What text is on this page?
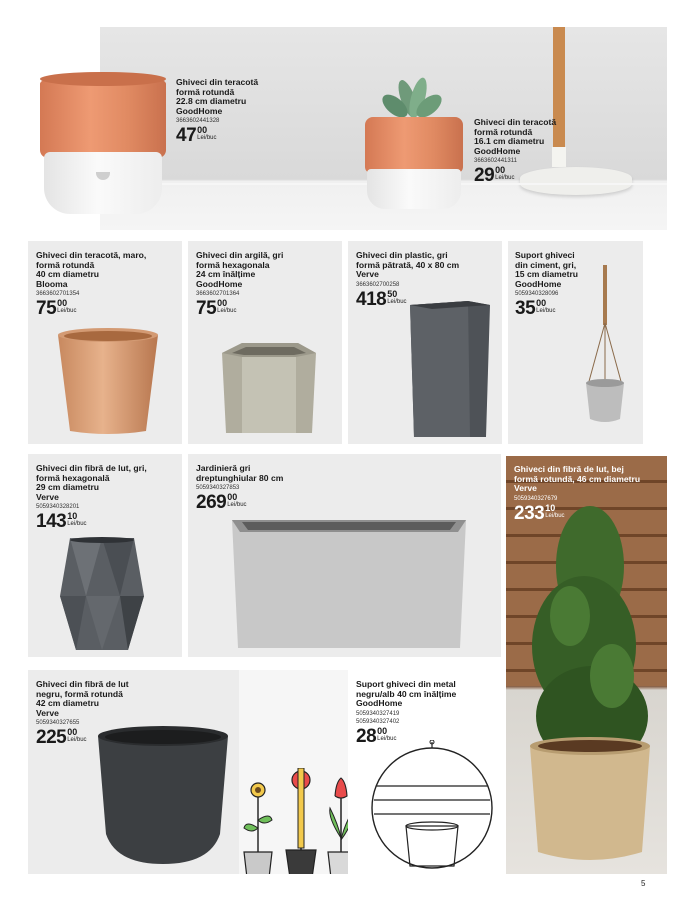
Ghiveci din teracotă
formă rotundă
22.8 cm diametru
GoodHome
3663602441328
47 00
Lei/buc
Ghiveci din teracotă
formă rotundă
16.1 cm diametru
GoodHome
3663602441311
29 00
Lei/buc
Ghiveci din teracotă, maro,
formă rotundă
40 cm diametru
Blooma
3663602701354
75 00
Lei/buc
Ghiveci din argilă, gri
formă hexagonala
24 cm înălțime
GoodHome
3663602701364
75 00
Lei/buc
Ghiveci din plastic, gri
formă pătrată, 40 x 80 cm
Verve
3663602700258
418 50
Lei/buc
Suport ghiveci
din ciment, gri,
15 cm diametru
GoodHome
5059340328096
35 00
Lei/buc
Ghiveci din fibră de lut, gri,
formă hexagonală
29 cm diametru
Verve
5059340328201
143 10
Lei/buc
Jardinieră gri
dreptunghiular 80 cm
5059340327853
269 00
Lei/buc
Ghiveci din fibră de lut, bej
formă rotundă, 46 cm diametru
Verve
5059340327679
233 10
Lei/buc
Ghiveci din fibră de lut
negru, formă rotundă
42 cm diametru
Verve
5059340327655
225 00
Lei/buc
Suport ghiveci din metal
negru/alb 40 cm înălțime
GoodHome
5059340327419
5059340327402
28 00
Lei/buc
5
